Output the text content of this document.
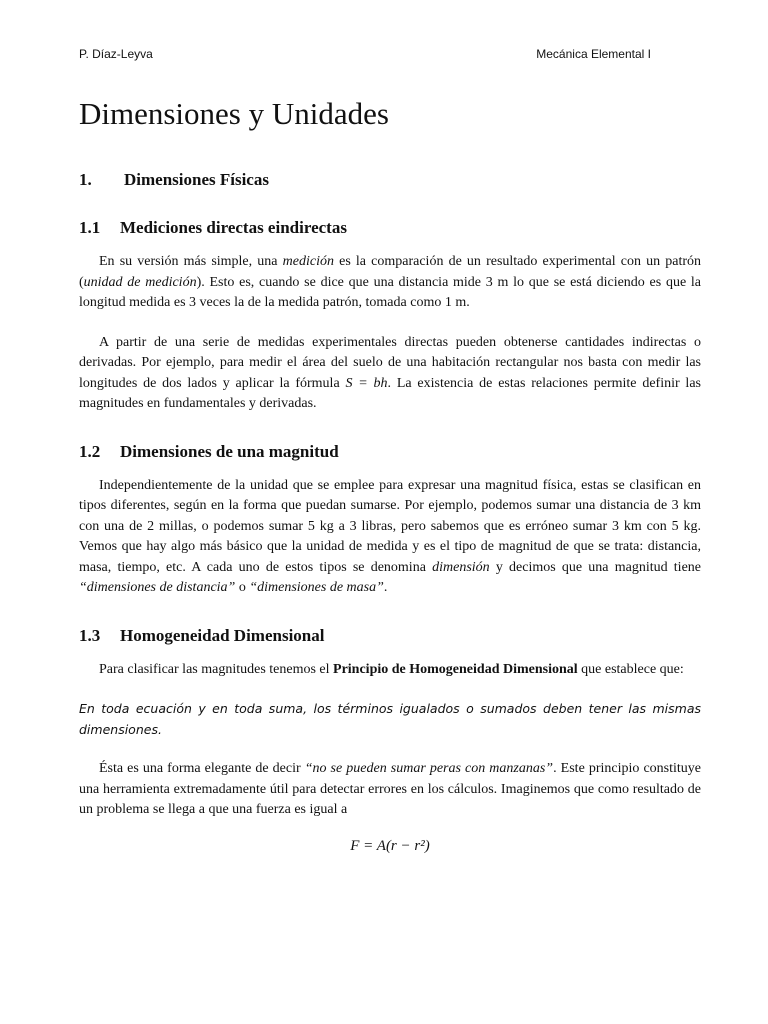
P. Díaz-Leyva	Mecánica Elemental I
Dimensiones y Unidades
1.	Dimensiones Físicas
1.1	Mediciones directas eindirectas

En su versión más simple, una medición es la comparación de un resultado experimental con un patrón (unidad de medición). Esto es, cuando se dice que una distancia mide 3 m lo que se está diciendo es que la longitud medida es 3 veces la de la medida patrón, tomada como 1 m.

A partir de una serie de medidas experimentales directas pueden obtenerse cantidades indirectas o derivadas. Por ejemplo, para medir el área del suelo de una habitación rectangular nos basta con medir las longitudes de dos lados y aplicar la fórmula S = bh. La existencia de estas relaciones permite definir las magnitudes en fundamentales y derivadas.

1.2	Dimensiones de una magnitud

Independientemente de la unidad que se emplee para expresar una magnitud física, estas se clasifican en tipos diferentes, según en la forma que puedan sumarse. Por ejemplo, podemos sumar una distancia de 3 km con una de 2 millas, o podemos sumar 5 kg a 3 libras, pero sabemos que es erróneo sumar 3 km con 5 kg. Vemos que hay algo más básico que la unidad de medida y es el tipo de magnitud de que se trata: distancia, masa, tiempo, etc. A cada uno de estos tipos se denomina dimensión y decimos que una magnitud tiene “dimensiones de distancia” o “dimensiones de masa”.

1.3	Homogeneidad Dimensional

Para clasificar las magnitudes tenemos el Principio de Homogeneidad Dimensional que establece que:

En toda ecuación y en toda suma, los términos igualados o sumados deben tener las mismas dimensiones.

Ésta es una forma elegante de decir “no se pueden sumar peras con manzanas”. Este principio constituye una herramienta extremadamente útil para detectar errores en los cálculos. Imaginemos que como resultado de un problema se llega a que una fuerza es igual a

F = A(r − r²)
